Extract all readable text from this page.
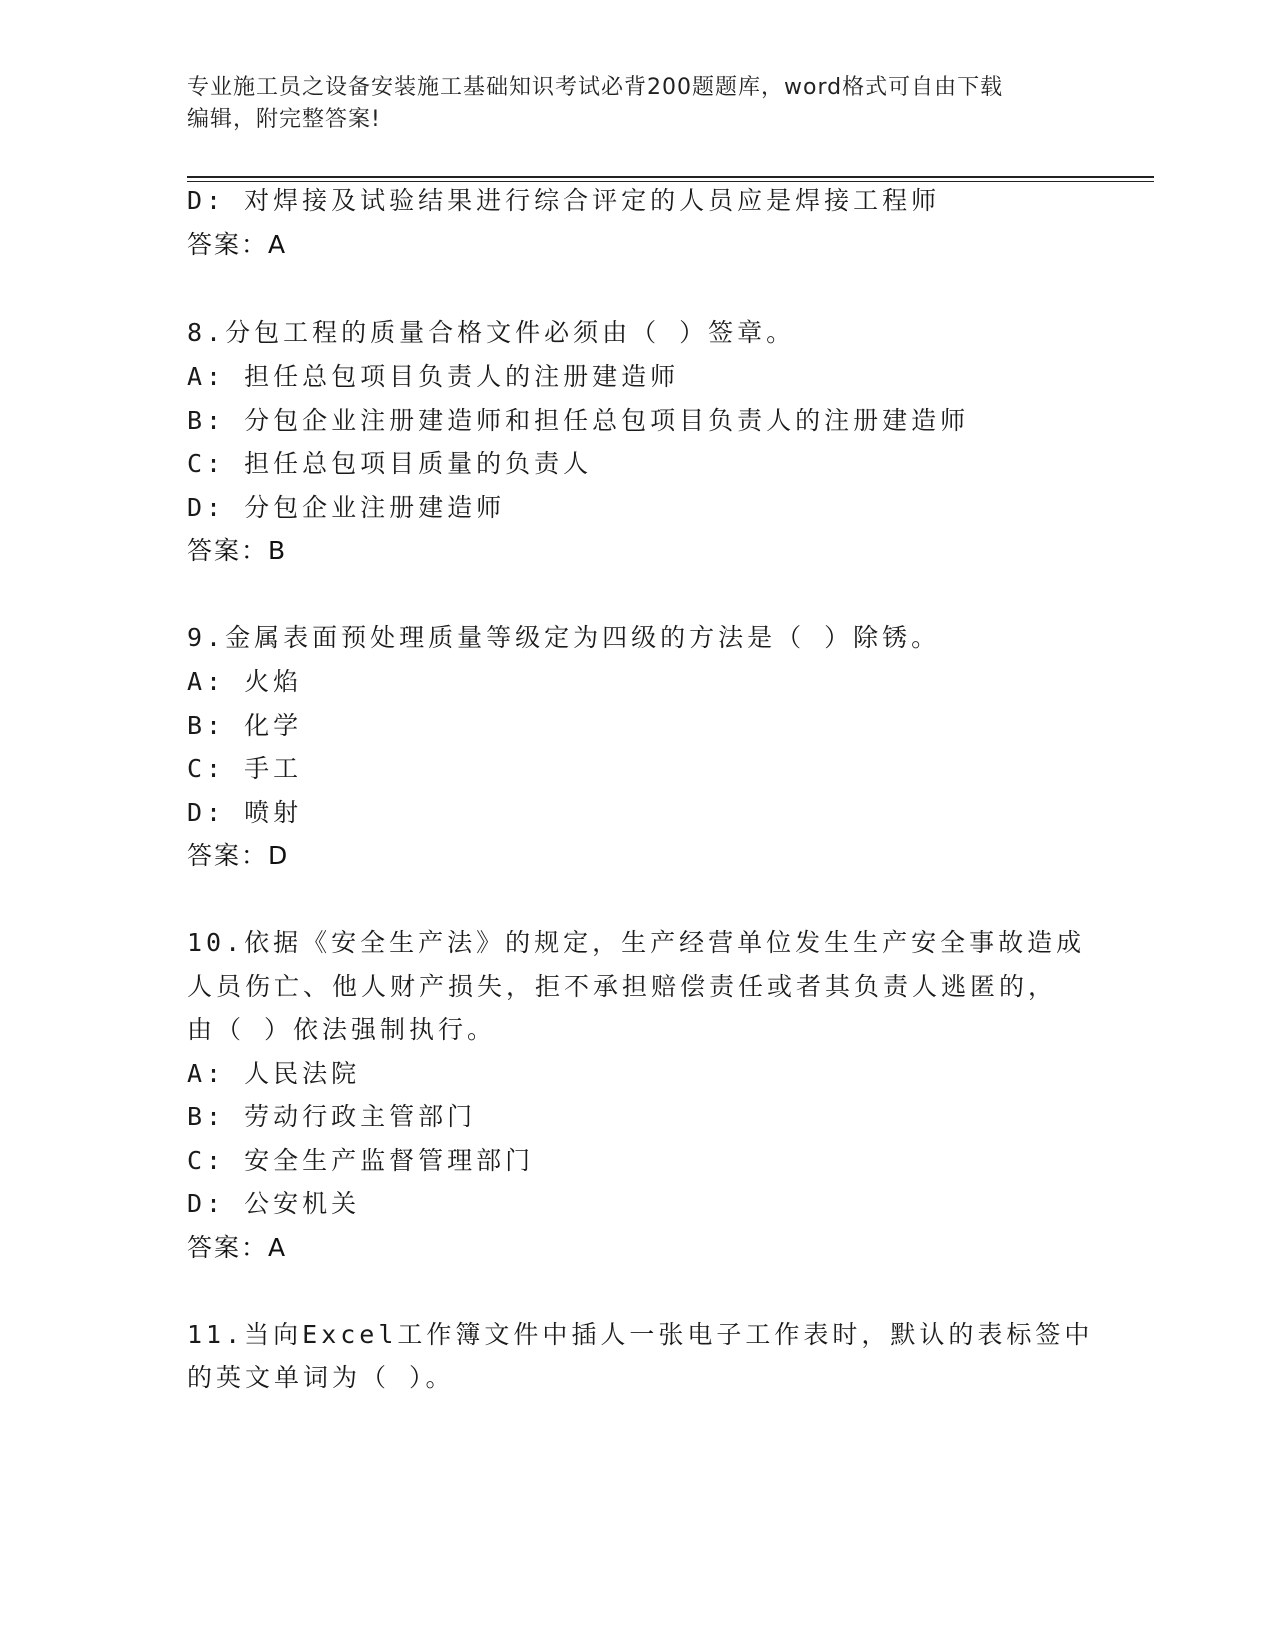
专业施工员之设备安装施工基础知识考试必背200题题库，word格式可自由下载
编辑，附完整答案!
D: 对焊接及试验结果进行综合评定的人员应是焊接工程师
答案：A
8.分包工程的质量合格文件必须由（ ）签章。
A: 担任总包项目负责人的注册建造师
B: 分包企业注册建造师和担任总包项目负责人的注册建造师
C: 担任总包项目质量的负责人
D: 分包企业注册建造师
答案：B
9.金属表面预处理质量等级定为四级的方法是（ ）除锈。
A: 火焰
B: 化学
C: 手工
D: 喷射
答案：D
10.依据《安全生产法》的规定，生产经营单位发生生产安全事故造成
人员伤亡、他人财产损失，拒不承担赔偿责任或者其负责人逃匿的，
由（ ）依法强制执行。
A: 人民法院
B: 劳动行政主管部门
C: 安全生产监督管理部门
D: 公安机关
答案：A
11.当向Excel工作簿文件中插人一张电子工作表时，默认的表标签中
的英文单词为（ ）。
